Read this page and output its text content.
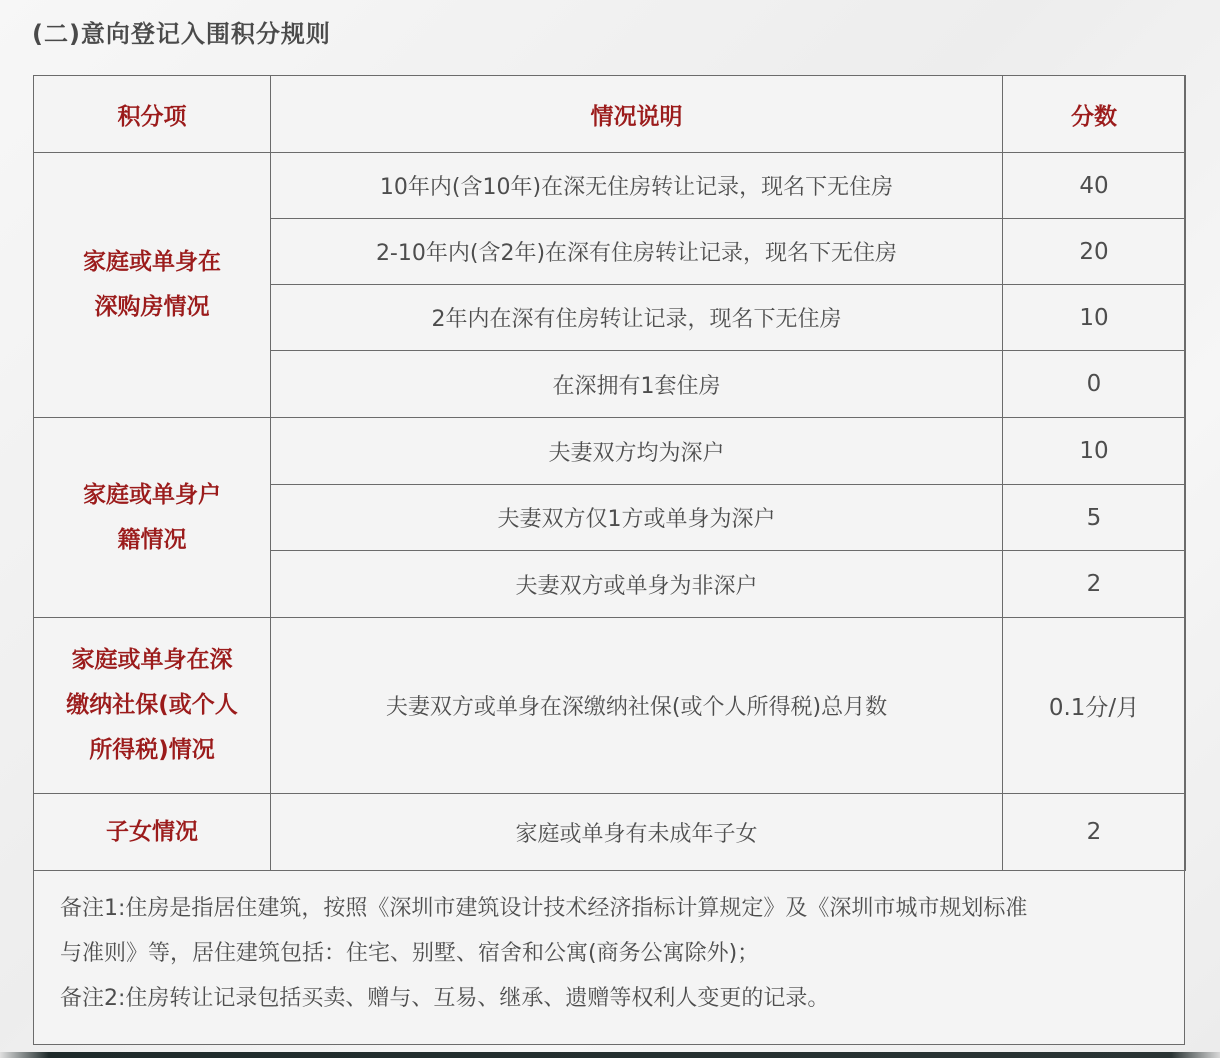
(二)意向登记入围积分规则
积分项	情况说明	分数

家庭或单身在
深购房情况	10年内(含10年)在深无住房转让记录，现名下无住房	40
	2-10年内(含2年)在深有住房转让记录，现名下无住房	20
	2年内在深有住房转让记录，现名下无住房	10
	在深拥有1套住房	0

家庭或单身户
籍情况	夫妻双方均为深户	10
	夫妻双方仅1方或单身为深户	5
	夫妻双方或单身为非深户	2

家庭或单身在深
缴纳社保(或个人
所得税)情况	夫妻双方或单身在深缴纳社保(或个人所得税)总月数	0.1分/月

子女情况	家庭或单身有未成年子女	2
备注1:住房是指居住建筑，按照《深圳市建筑设计技术经济指标计算规定》及《深圳市城市规划标准
与准则》等，居住建筑包括：住宅、别墅、宿舍和公寓(商务公寓除外)；
备注2:住房转让记录包括买卖、赠与、互易、继承、遗赠等权利人变更的记录。
